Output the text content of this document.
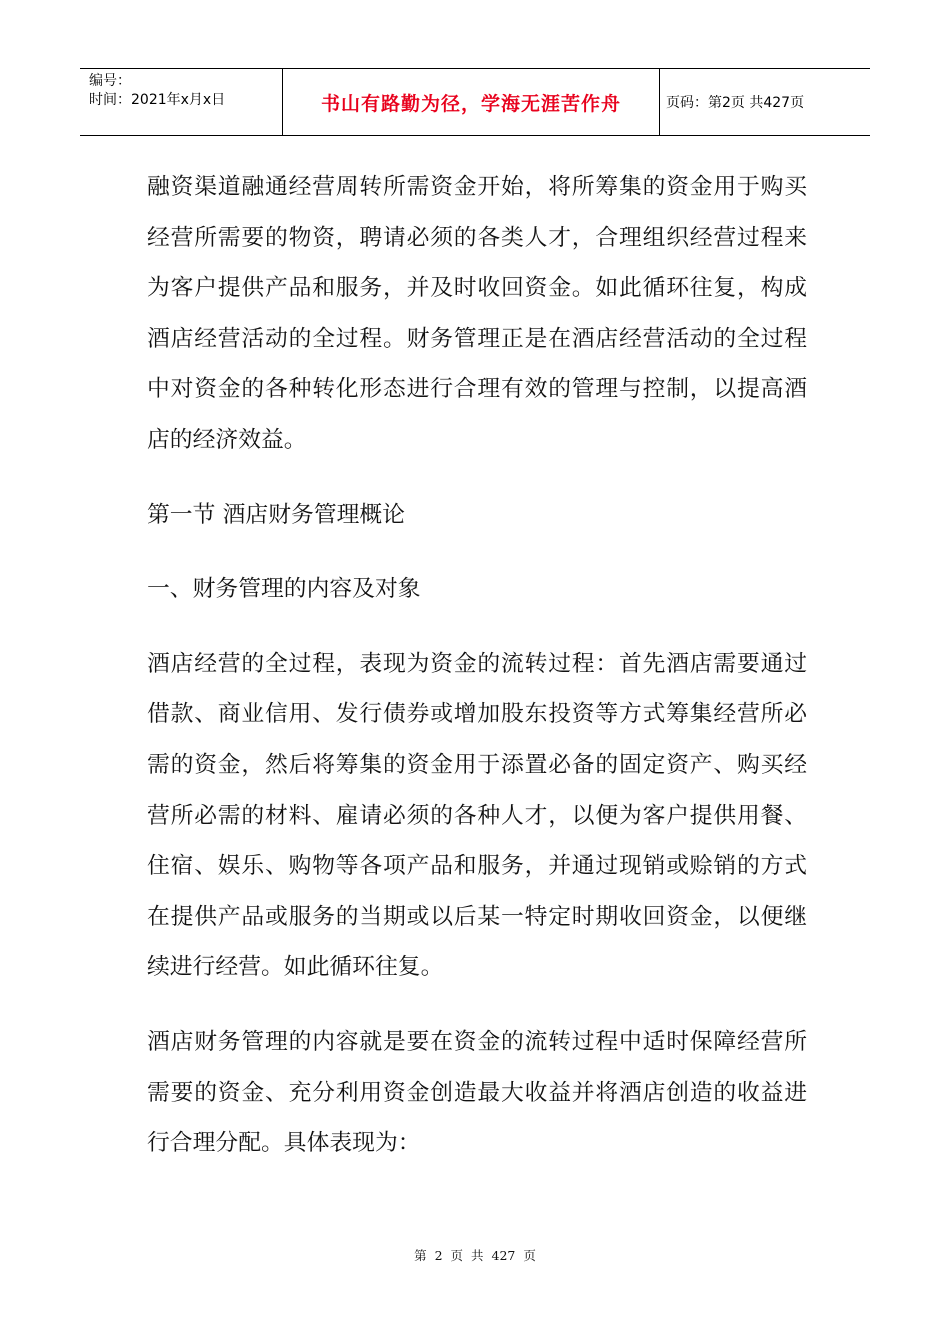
编号：
时间：2021年x月x日	书山有路勤为径，学海无涯苦作舟	页码：第2页 共427页

融资渠道融通经营周转所需资金开始，将所筹集的资金用于购买经营所需要的物资，聘请必须的各类人才，合理组织经营过程来为客户提供产品和服务，并及时收回资金。如此循环往复，构成酒店经营活动的全过程。财务管理正是在酒店经营活动的全过程中对资金的各种转化形态进行合理有效的管理与控制，以提高酒店的经济效益。

第一节 酒店财务管理概论

一、财务管理的内容及对象

酒店经营的全过程，表现为资金的流转过程：首先酒店需要通过借款、商业信用、发行债券或增加股东投资等方式筹集经营所必需的资金，然后将筹集的资金用于添置必备的固定资产、购买经营所必需的材料、雇请必须的各种人才，以便为客户提供用餐、住宿、娱乐、购物等各项产品和服务，并通过现销或赊销的方式在提供产品或服务的当期或以后某一特定时期收回资金，以便继续进行经营。如此循环往复。

酒店财务管理的内容就是要在资金的流转过程中适时保障经营所需要的资金、充分利用资金创造最大收益并将酒店创造的收益进行合理分配。具体表现为：

第 2 页 共 427 页
